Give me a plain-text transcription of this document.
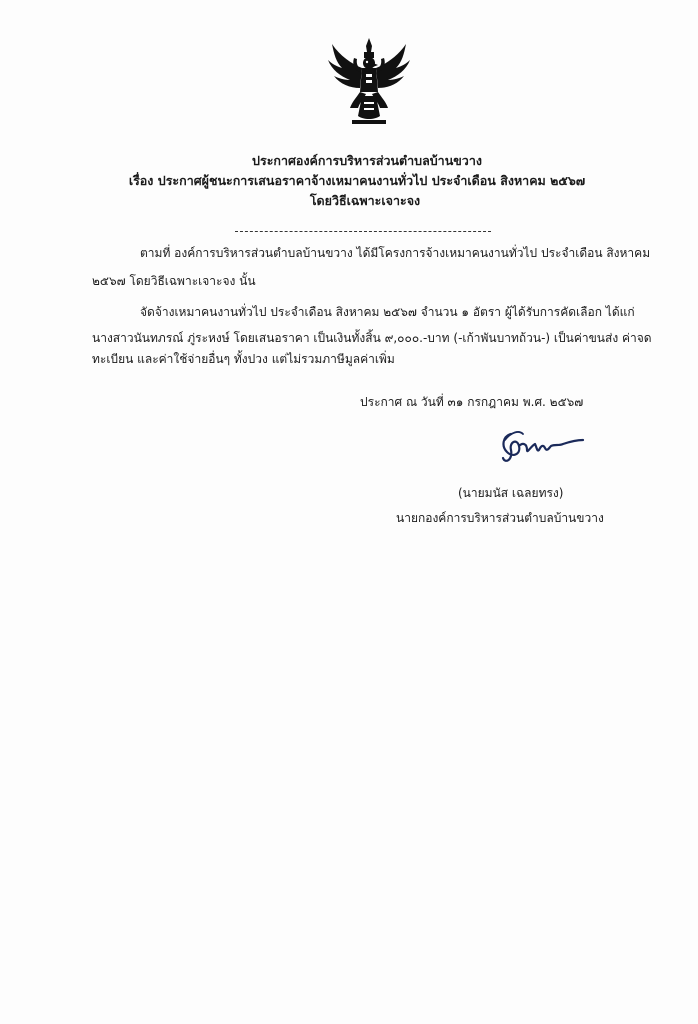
ประกาศองค์การบริหารส่วนตำบลบ้านขวาง
เรื่อง ประกาศผู้ชนะการเสนอราคาจ้างเหมาคนงานทั่วไป ประจำเดือน สิงหาคม ๒๕๖๗
โดยวิธีเฉพาะเจาะจง
ตามที่ องค์การบริหารส่วนตำบลบ้านขวาง ได้มีโครงการจ้างเหมาคนงานทั่วไป ประจำเดือน สิงหาคม
๒๕๖๗ โดยวิธีเฉพาะเจาะจง นั้น
จัดจ้างเหมาคนงานทั่วไป ประจำเดือน สิงหาคม ๒๕๖๗ จำนวน ๑ อัตรา ผู้ได้รับการคัดเลือก ได้แก่
นางสาวนันทภรณ์ ภู่ระหงษ์ โดยเสนอราคา เป็นเงินทั้งสิ้น ๙,๐๐๐.-บาท (-เก้าพันบาทถ้วน-) เป็นค่าขนส่ง ค่าจด
ทะเบียน และค่าใช้จ่ายอื่นๆ ทั้งปวง แต่ไม่รวมภาษีมูลค่าเพิ่ม
ประกาศ ณ วันที่ ๓๑ กรกฎาคม พ.ศ. ๒๕๖๗
(นายมนัส เฉลยทรง)
นายกองค์การบริหารส่วนตำบลบ้านขวาง
